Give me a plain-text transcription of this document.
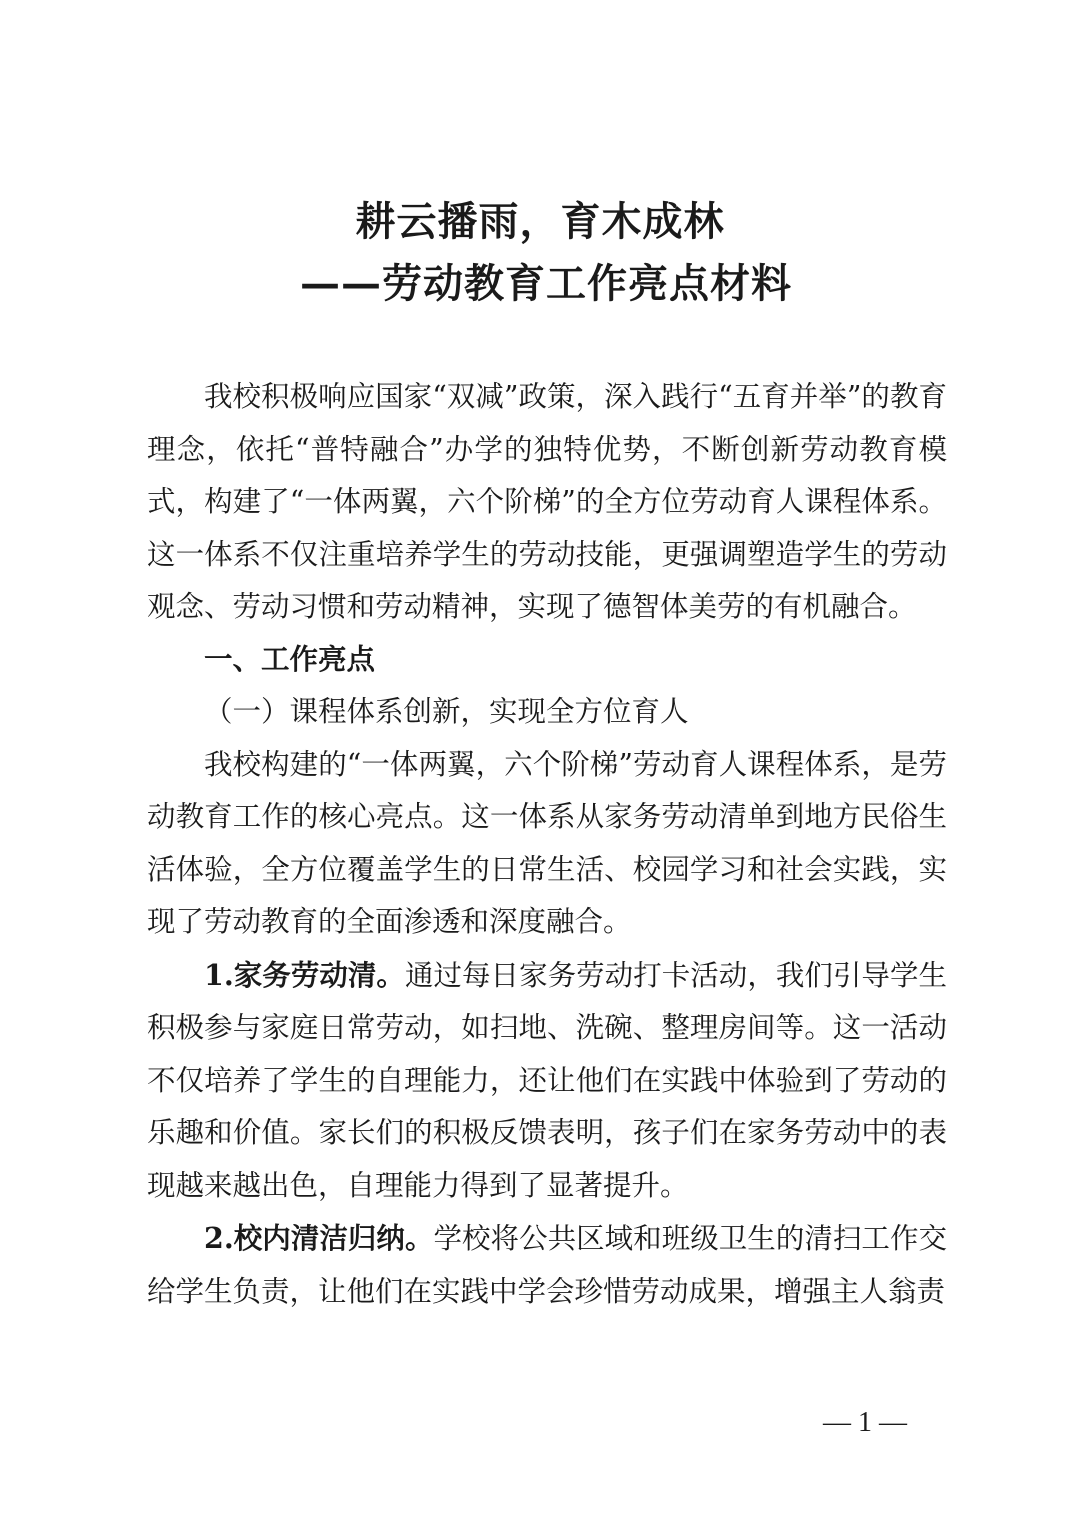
耕云播雨，育木成林
——劳动教育工作亮点材料

我校积极响应国家“双减”政策，深入践行“五育并举”的教育理念，依托“普特融合”办学的独特优势，不断创新劳动教育模式，构建了“一体两翼，六个阶梯”的全方位劳动育人课程体系。这一体系不仅注重培养学生的劳动技能，更强调塑造学生的劳动观念、劳动习惯和劳动精神，实现了德智体美劳的有机融合。

一、工作亮点

（一）课程体系创新，实现全方位育人

我校构建的“一体两翼，六个阶梯”劳动育人课程体系，是劳动教育工作的核心亮点。这一体系从家务劳动清单到地方民俗生活体验，全方位覆盖学生的日常生活、校园学习和社会实践，实现了劳动教育的全面渗透和深度融合。

1.家务劳动清。通过每日家务劳动打卡活动，我们引导学生积极参与家庭日常劳动，如扫地、洗碗、整理房间等。这一活动不仅培养了学生的自理能力，还让他们在实践中体验到了劳动的乐趣和价值。家长们的积极反馈表明，孩子们在家务劳动中的表现越来越出色，自理能力得到了显著提升。

2.校内清洁归纳。学校将公共区域和班级卫生的清扫工作交给学生负责，让他们在实践中学会珍惜劳动成果，增强主人翁责

— 1 —
